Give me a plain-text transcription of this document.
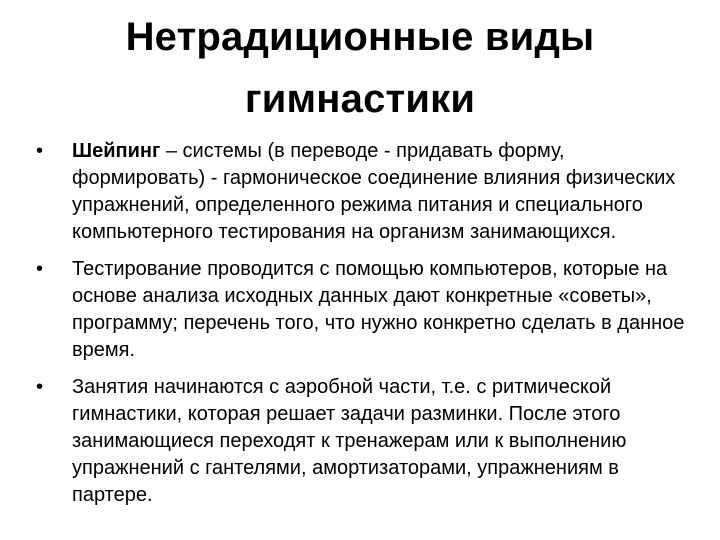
Нетрадиционные виды гимнастики
• Шейпинг – системы (в переводе - придавать форму, формировать) - гармоническое соединение влияния физических упражнений, определенного режима питания и специального компьютерного тестирования на организм занимающихся.
• Тестирование проводится с помощью компьютеров, которые на основе анализа исходных данных дают конкретные «советы», программу; перечень того, что нужно конкретно сделать в данное время.
• Занятия начинаются с аэробной части, т.е. с ритмической гимнастики, которая решает задачи разминки. После этого занимающиеся переходят к тренажерам или к выполнению упражнений с гантелями, амортизаторами, упражнениям в партере.
